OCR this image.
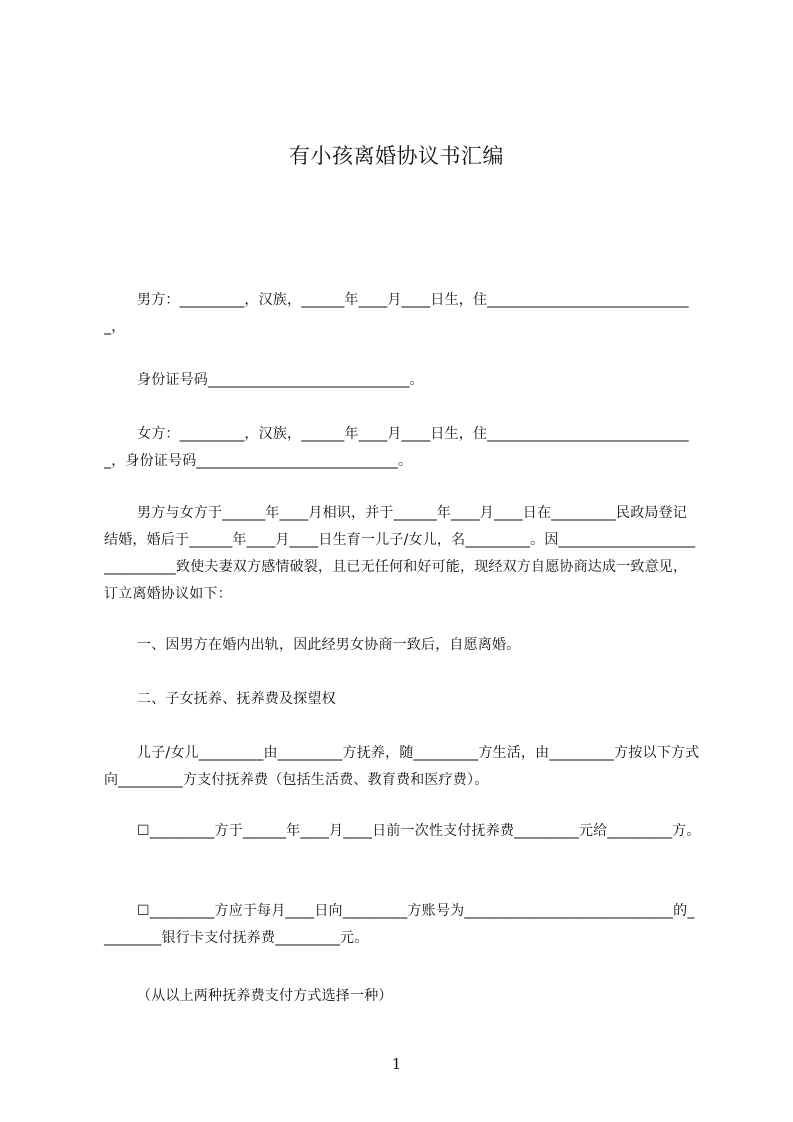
有小孩离婚协议书汇编

男方：_________，汉族，______年____月____日生，住_____________________________，

身份证号码____________________________。

女方：_________，汉族，______年____月____日生，住_____________________________，身份证号码____________________________。

男方与女方于______年____月相识，并于______年____月____日在_________民政局登记结婚，婚后于______年____月____日生育一儿子/女儿，名_________。因_____________________________致使夫妻双方感情破裂，且已无任何和好可能，现经双方自愿协商达成一致意见，订立离婚协议如下：

一、因男方在婚内出轨，因此经男女协商一致后，自愿离婚。

二、子女抚养、抚养费及探望权

儿子/女儿_________由_________方抚养，随_________方生活，由_________方按以下方式向_________方支付抚养费（包括生活费、教育费和医疗费）。

☐_________方于______年____月____日前一次性支付抚养费_________元给_________方。

☐_________方应于每月____日向_________方账号为_____________________________的_________银行卡支付抚养费_________元。

（从以上两种抚养费支付方式选择一种）

1
